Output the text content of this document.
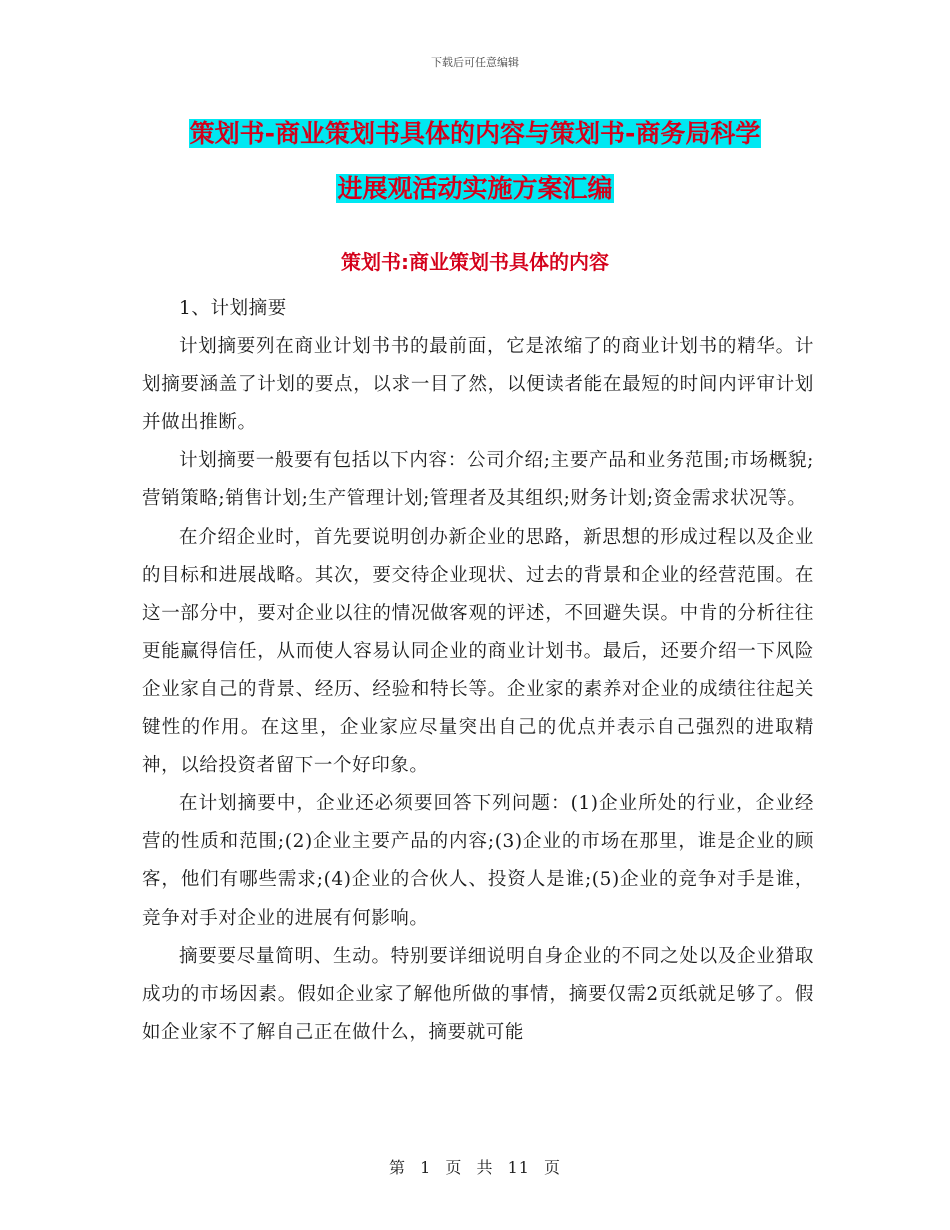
下载后可任意编辑
策划书-商业策划书具体的内容与策划书-商务局科学
进展观活动实施方案汇编
策划书:商业策划书具体的内容

1、计划摘要

计划摘要列在商业计划书书的最前面，它是浓缩了的商业计划书的精华。计划摘要涵盖了计划的要点，以求一目了然，以便读者能在最短的时间内评审计划并做出推断。

计划摘要一般要有包括以下内容：公司介绍;主要产品和业务范围;市场概貌;营销策略;销售计划;生产管理计划;管理者及其组织;财务计划;资金需求状况等。

在介绍企业时，首先要说明创办新企业的思路，新思想的形成过程以及企业的目标和进展战略。其次，要交待企业现状、过去的背景和企业的经营范围。在这一部分中，要对企业以往的情况做客观的评述，不回避失误。中肯的分析往往更能赢得信任，从而使人容易认同企业的商业计划书。最后，还要介绍一下风险企业家自己的背景、经历、经验和特长等。企业家的素养对企业的成绩往往起关键性的作用。在这里，企业家应尽量突出自己的优点并表示自己强烈的进取精神，以给投资者留下一个好印象。

在计划摘要中，企业还必须要回答下列问题：(1)企业所处的行业，企业经营的性质和范围;(2)企业主要产品的内容;(3)企业的市场在那里，谁是企业的顾客，他们有哪些需求;(4)企业的合伙人、投资人是谁;(5)企业的竞争对手是谁，竞争对手对企业的进展有何影响。

摘要要尽量简明、生动。特别要详细说明自身企业的不同之处以及企业猎取成功的市场因素。假如企业家了解他所做的事情，摘要仅需2页纸就足够了。假如企业家不了解自己正在做什么，摘要就可能

第 1 页 共 11 页
